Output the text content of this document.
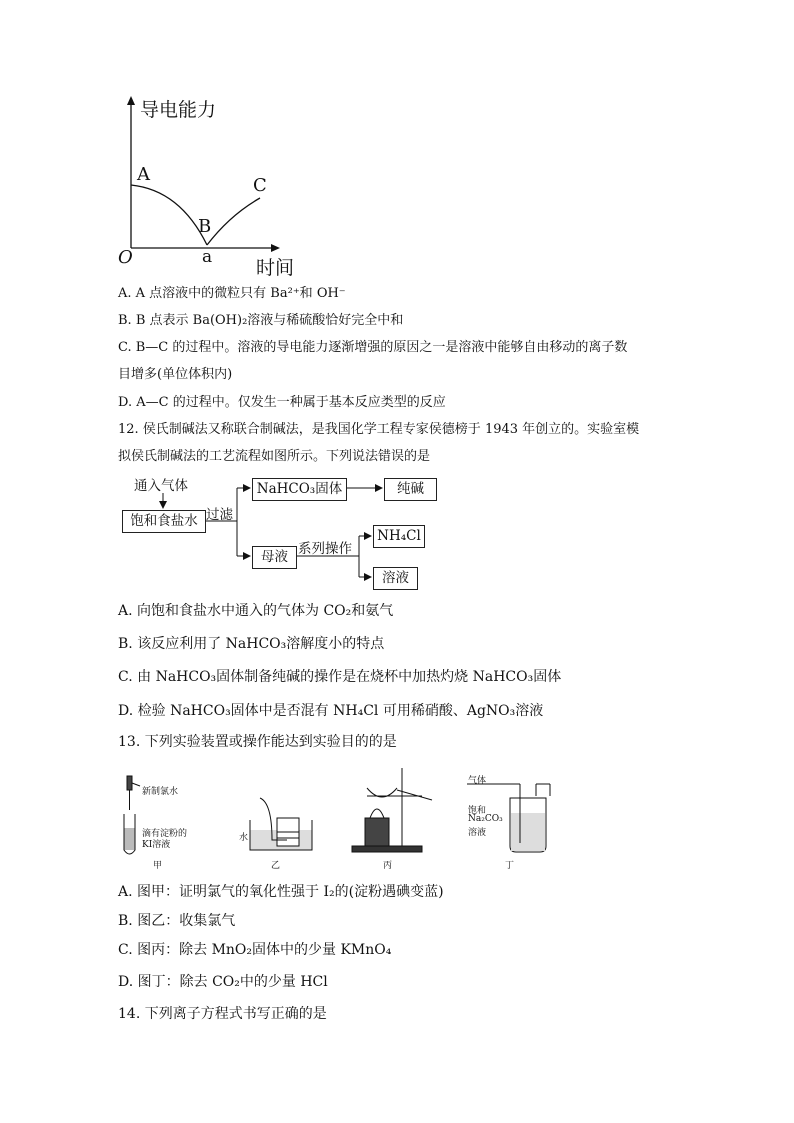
导电能力
A
B
C
O	a 时间
A. A 点溶液中的微粒只有 Ba²⁺和 OH⁻
B. B 点表示 Ba(OH)₂溶液与稀硫酸恰好完全中和
C. B—C 的过程中。溶液的导电能力逐渐增强的原因之一是溶液中能够自由移动的离子数
目增多(单位体积内)
D. A—C 的过程中。仅发生一种属于基本反应类型的反应
12. 侯氏制碱法又称联合制碱法，是我国化学工程专家侯德榜于 1943 年创立的。实验室模
拟侯氏制碱法的工艺流程如图所示。下列说法错误的是
通入气体
饱和食盐水 过滤
NaHCO₃固体	纯碱
母液 系列操作
NH₄Cl
溶液
A. 向饱和食盐水中通入的气体为 CO₂和氨气
B. 该反应利用了 NaHCO₃溶解度小的特点
C. 由 NaHCO₃固体制备纯碱的操作是在烧杯中加热灼烧 NaHCO₃固体
D. 检验 NaHCO₃固体中是否混有 NH₄Cl 可用稀硝酸、AgNO₃溶液
13. 下列实验装置或操作能达到实验目的的是
新制氯水
滴有淀粉的
KI溶液
甲
水
乙	丙
气体
饱和
Na₂CO₃
溶液
丁
A. 图甲：证明氯气的氧化性强于 I₂的(淀粉遇碘变蓝)
B. 图乙：收集氯气
C. 图丙：除去 MnO₂固体中的少量 KMnO₄
D. 图丁：除去 CO₂中的少量 HCl
14. 下列离子方程式书写正确的是
